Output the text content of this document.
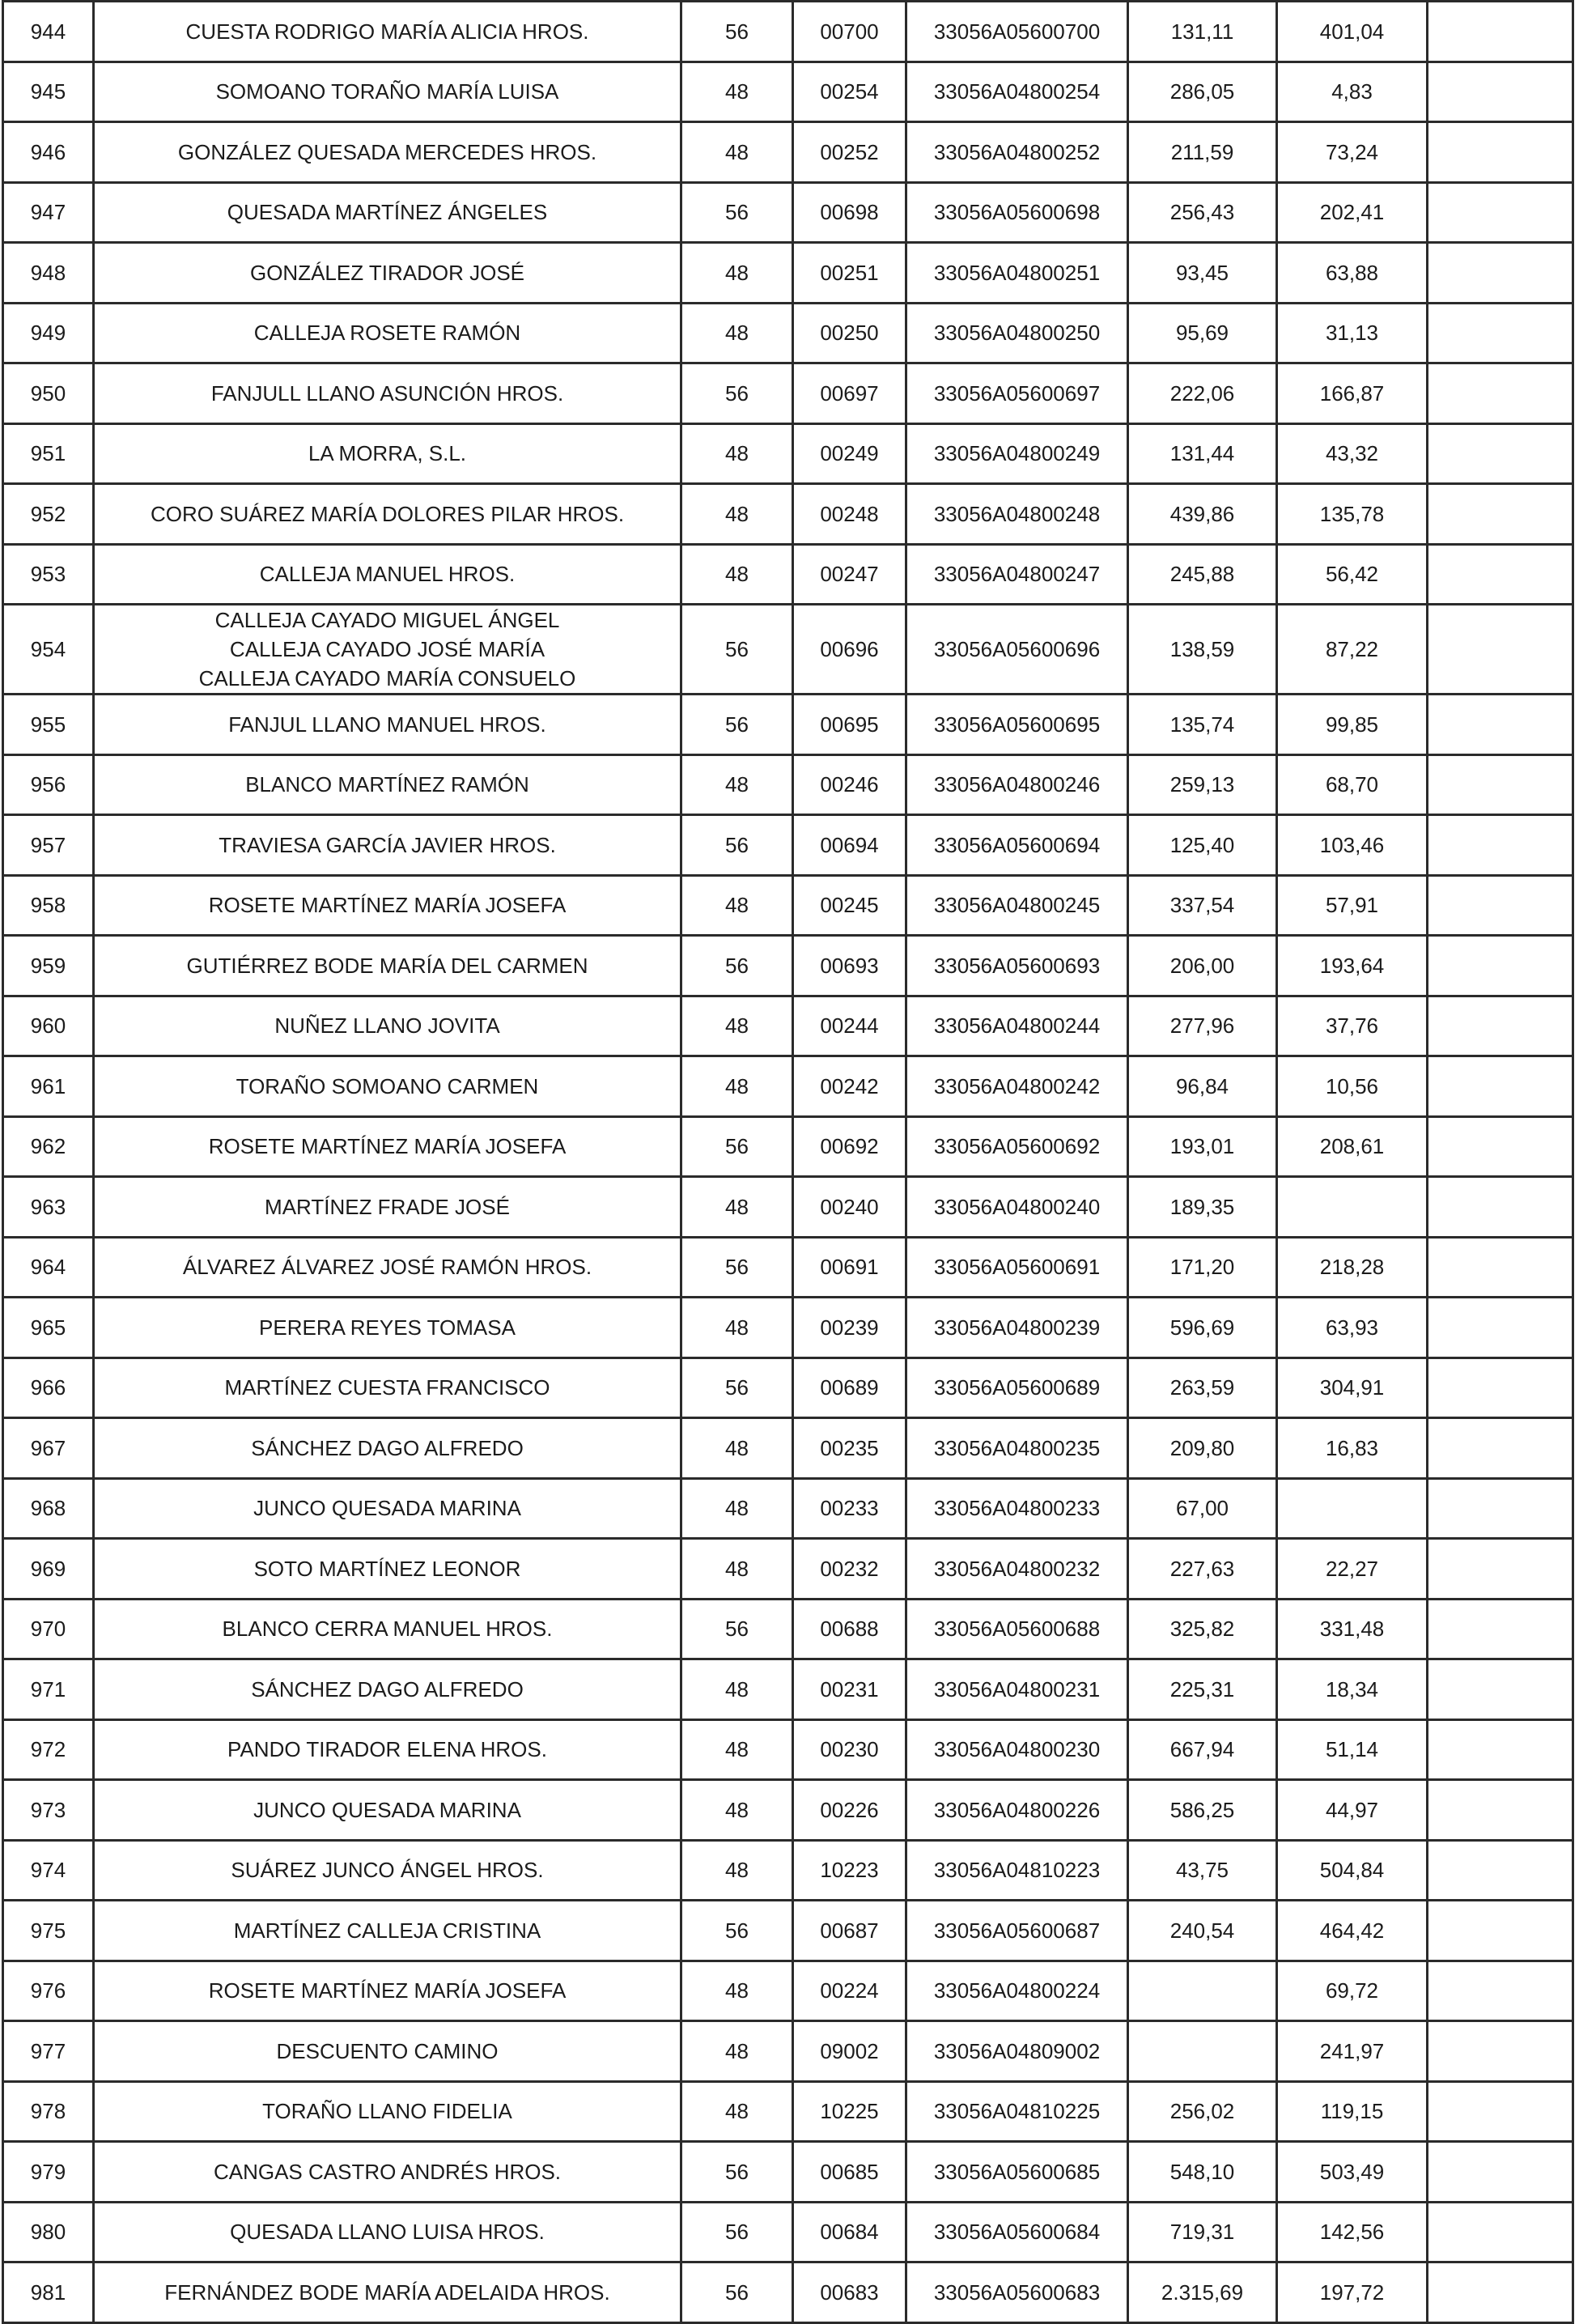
944	CUESTA RODRIGO MARÍA ALICIA HROS.	56	00700	33056A05600700	131,11	401,04	
945	SOMOANO TORAÑO MARÍA LUISA	48	00254	33056A04800254	286,05	4,83	
946	GONZÁLEZ QUESADA MERCEDES HROS.	48	00252	33056A04800252	211,59	73,24	
947	QUESADA MARTÍNEZ ÁNGELES	56	00698	33056A05600698	256,43	202,41	
948	GONZÁLEZ TIRADOR JOSÉ	48	00251	33056A04800251	93,45	63,88	
949	CALLEJA ROSETE RAMÓN	48	00250	33056A04800250	95,69	31,13	
950	FANJULL LLANO ASUNCIÓN HROS.	56	00697	33056A05600697	222,06	166,87	
951	LA MORRA, S.L.	48	00249	33056A04800249	131,44	43,32	
952	CORO SUÁREZ MARÍA DOLORES PILAR HROS.	48	00248	33056A04800248	439,86	135,78	
953	CALLEJA MANUEL HROS.	48	00247	33056A04800247	245,88	56,42	
954	CALLEJA CAYADO MIGUEL ÁNGEL
CALLEJA CAYADO JOSÉ MARÍA
CALLEJA CAYADO MARÍA CONSUELO	56	00696	33056A05600696	138,59	87,22	
955	FANJUL LLANO MANUEL HROS.	56	00695	33056A05600695	135,74	99,85	
956	BLANCO MARTÍNEZ RAMÓN	48	00246	33056A04800246	259,13	68,70	
957	TRAVIESA GARCÍA JAVIER HROS.	56	00694	33056A05600694	125,40	103,46	
958	ROSETE MARTÍNEZ MARÍA JOSEFA	48	00245	33056A04800245	337,54	57,91	
959	GUTIÉRREZ BODE MARÍA DEL CARMEN	56	00693	33056A05600693	206,00	193,64	
960	NUÑEZ LLANO JOVITA	48	00244	33056A04800244	277,96	37,76	
961	TORAÑO SOMOANO CARMEN	48	00242	33056A04800242	96,84	10,56	
962	ROSETE MARTÍNEZ MARÍA JOSEFA	56	00692	33056A05600692	193,01	208,61	
963	MARTÍNEZ FRADE JOSÉ	48	00240	33056A04800240	189,35		
964	ÁLVAREZ ÁLVAREZ JOSÉ RAMÓN HROS.	56	00691	33056A05600691	171,20	218,28	
965	PERERA REYES TOMASA	48	00239	33056A04800239	596,69	63,93	
966	MARTÍNEZ CUESTA FRANCISCO	56	00689	33056A05600689	263,59	304,91	
967	SÁNCHEZ DAGO ALFREDO	48	00235	33056A04800235	209,80	16,83	
968	JUNCO QUESADA MARINA	48	00233	33056A04800233	67,00		
969	SOTO MARTÍNEZ LEONOR	48	00232	33056A04800232	227,63	22,27	
970	BLANCO CERRA MANUEL HROS.	56	00688	33056A05600688	325,82	331,48	
971	SÁNCHEZ DAGO ALFREDO	48	00231	33056A04800231	225,31	18,34	
972	PANDO TIRADOR ELENA HROS.	48	00230	33056A04800230	667,94	51,14	
973	JUNCO QUESADA MARINA	48	00226	33056A04800226	586,25	44,97	
974	SUÁREZ JUNCO ÁNGEL HROS.	48	10223	33056A04810223	43,75	504,84	
975	MARTÍNEZ CALLEJA CRISTINA	56	00687	33056A05600687	240,54	464,42	
976	ROSETE MARTÍNEZ MARÍA JOSEFA	48	00224	33056A04800224		69,72	
977	DESCUENTO CAMINO	48	09002	33056A04809002		241,97	
978	TORAÑO LLANO FIDELIA	48	10225	33056A04810225	256,02	119,15	
979	CANGAS CASTRO ANDRÉS HROS.	56	00685	33056A05600685	548,10	503,49	
980	QUESADA LLANO LUISA HROS.	56	00684	33056A05600684	719,31	142,56	
981	FERNÁNDEZ BODE MARÍA ADELAIDA HROS.	56	00683	33056A05600683	2.315,69	197,72	
